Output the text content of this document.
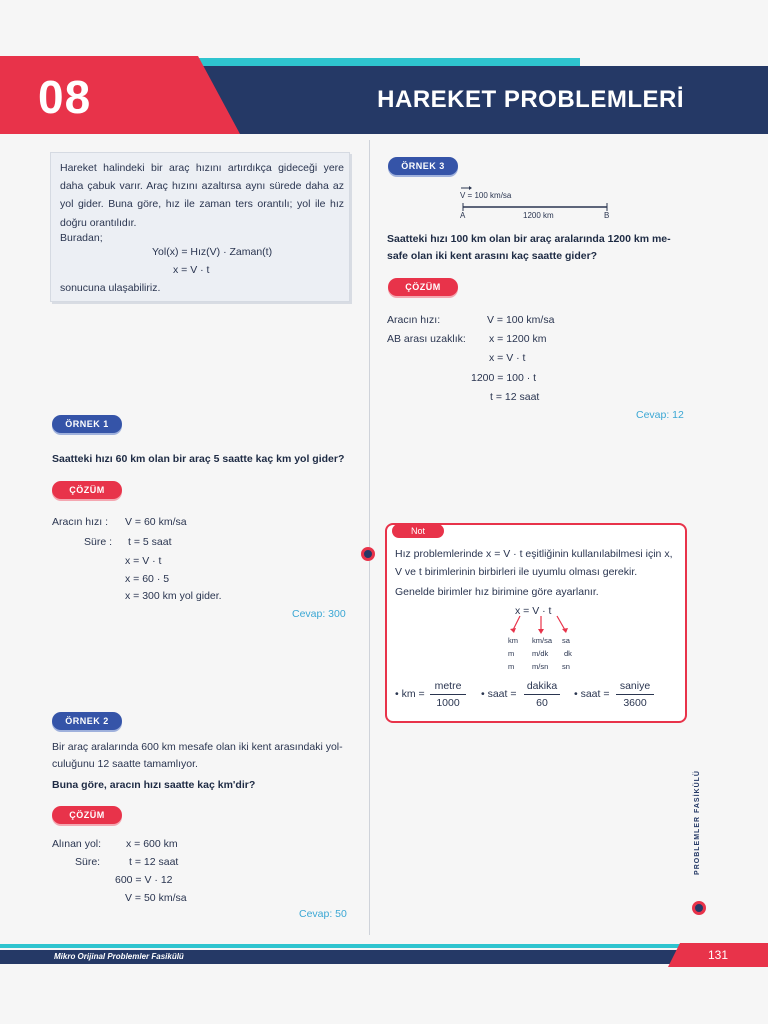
08	HAREKET PROBLEMLERİ
Hareket halindeki bir araç hızını artırdıkça gideceği yere daha çabuk varır. Araç hızını azaltırsa aynı sürede daha az yol gider. Buna göre, hız ile zaman ters orantılı; yol ile hız doğru orantılıdır.
Buradan;
Yol(x) = Hız(V) · Zaman(t)
x = V · t
sonucuna ulaşabiliriz.
ÖRNEK 1
Saatteki hızı 60 km olan bir araç 5 saatte kaç km yol gider?
ÇÖZÜM
Aracın hızı : V = 60 km/sa
Süre : t = 5 saat
x = V · t
x = 60 · 5
x = 300 km yol gider.
Cevap: 300
ÖRNEK 2
Bir araç aralarında 600 km mesafe olan iki kent arasındaki yol-
culuğunu 12 saatte tamamlıyor.
Buna göre, aracın hızı saatte kaç km'dir?
ÇÖZÜM
Alınan yol: x = 600 km
Süre:	t = 12 saat
600 = V · 12
V = 50 km/sa
Cevap: 50
ÖRNEK 3
V = 100 km/sa
A	1200 km	B
Saatteki hızı 100 km olan bir araç aralarında 1200 km me-
safe olan iki kent arasını kaç saatte gider?
ÇÖZÜM
Aracın hızı:	V = 100 km/sa
AB arası uzaklık: x = 1200 km
x = V · t
1200 = 100 · t
t = 12 saat
Cevap: 12
Not
Hız problemlerinde x = V · t eşitliğinin kullanılabilmesi için x,
V ve t birimlerinin birbirleri ile uyumlu olması gerekir.
Genelde birimler hız birimine göre ayarlanır.
x = V · t
km km/sa sa
m m/dk dk
m m/sn sn
• km =
metre
1000
• saat =
dakika
60
• saat =
saniye
3600
PROBLEMLER FASİKÜLÜ
Mikro Orijinal Problemler Fasikülü	131
